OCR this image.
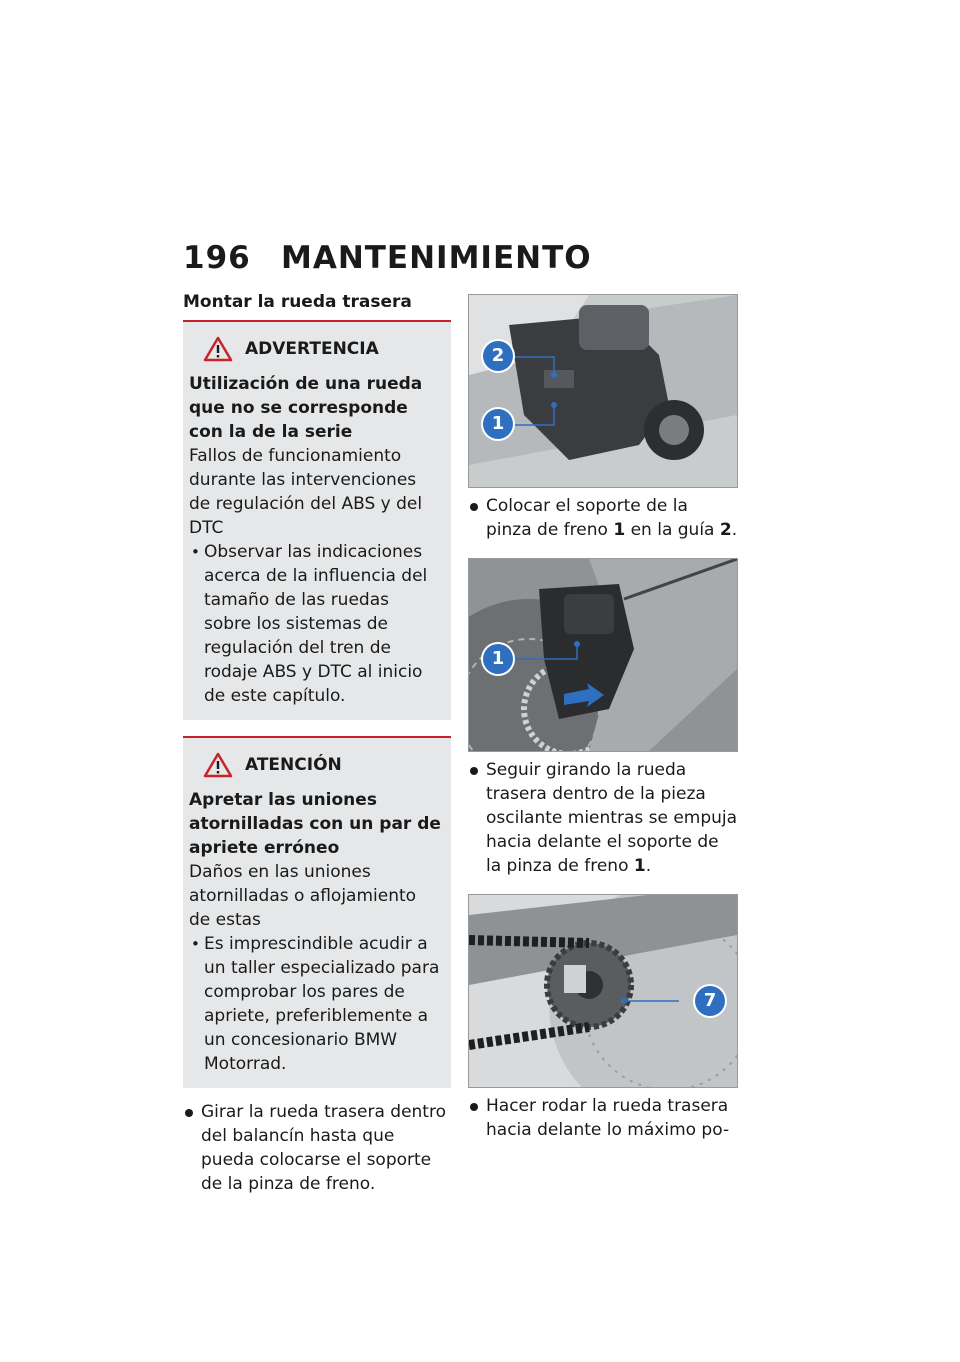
196 MANTENIMIENTO
Montar la rueda trasera
ADVERTENCIA
Utilización de una rueda que no se corresponde con la de la serie
Fallos de funcionamiento durante las intervenciones de regulación del ABS y del DTC
• Observar las indicaciones acerca de la influencia del tamaño de las ruedas sobre los sistemas de regulación del tren de rodaje ABS y DTC al inicio de este capítulo.
ATENCIÓN
Apretar las uniones atornilladas con un par de apriete erróneo
Daños en las uniones atornilladas o aflojamiento de estas
• Es imprescindible acudir a un taller especializado para comprobar los pares de apriete, preferiblemente a un concesionario BMW Motorrad.
Girar la rueda trasera dentro del balancín hasta que pueda colocarse el soporte de la pinza de freno.
2
1
Colocar el soporte de la pinza de freno 1 en la guía 2.
1
Seguir girando la rueda trasera dentro de la pieza oscilante mientras se empuja hacia delante el soporte de la pinza de freno 1.
7
Hacer rodar la rueda trasera hacia delante lo máximo po-
